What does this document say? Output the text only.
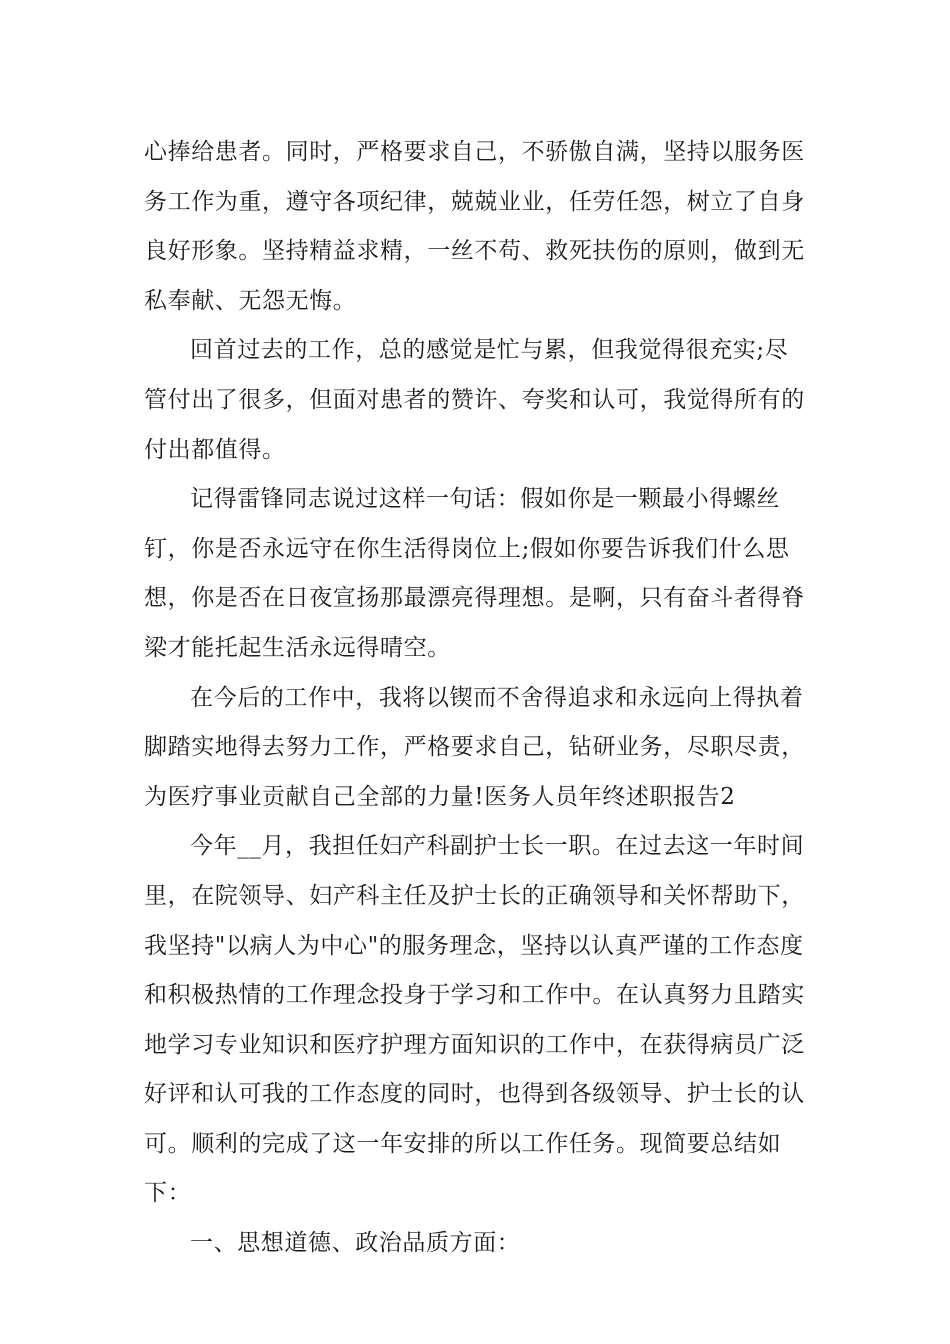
心捧给患者。同时，严格要求自己，不骄傲自满，坚持以服务医务工作为重，遵守各项纪律，兢兢业业，任劳任怨，树立了自身良好形象。坚持精益求精，一丝不苟、救死扶伤的原则，做到无私奉献、无怨无悔。

回首过去的工作，总的感觉是忙与累，但我觉得很充实;尽管付出了很多，但面对患者的赞许、夸奖和认可，我觉得所有的付出都值得。

记得雷锋同志说过这样一句话：假如你是一颗最小得螺丝钉，你是否永远守在你生活得岗位上;假如你要告诉我们什么思想，你是否在日夜宣扬那最漂亮得理想。是啊，只有奋斗者得脊梁才能托起生活永远得晴空。

在今后的工作中，我将以锲而不舍得追求和永远向上得执着脚踏实地得去努力工作，严格要求自己，钻研业务，尽职尽责，为医疗事业贡献自己全部的力量!医务人员年终述职报告2

今年__月，我担任妇产科副护士长一职。在过去这一年时间里，在院领导、妇产科主任及护士长的正确领导和关怀帮助下，我坚持"以病人为中心"的服务理念，坚持以认真严谨的工作态度和积极热情的工作理念投身于学习和工作中。在认真努力且踏实地学习专业知识和医疗护理方面知识的工作中，在获得病员广泛好评和认可我的工作态度的同时，也得到各级领导、护士长的认可。顺利的完成了这一年安排的所以工作任务。现简要总结如下：

一、思想道德、政治品质方面：
